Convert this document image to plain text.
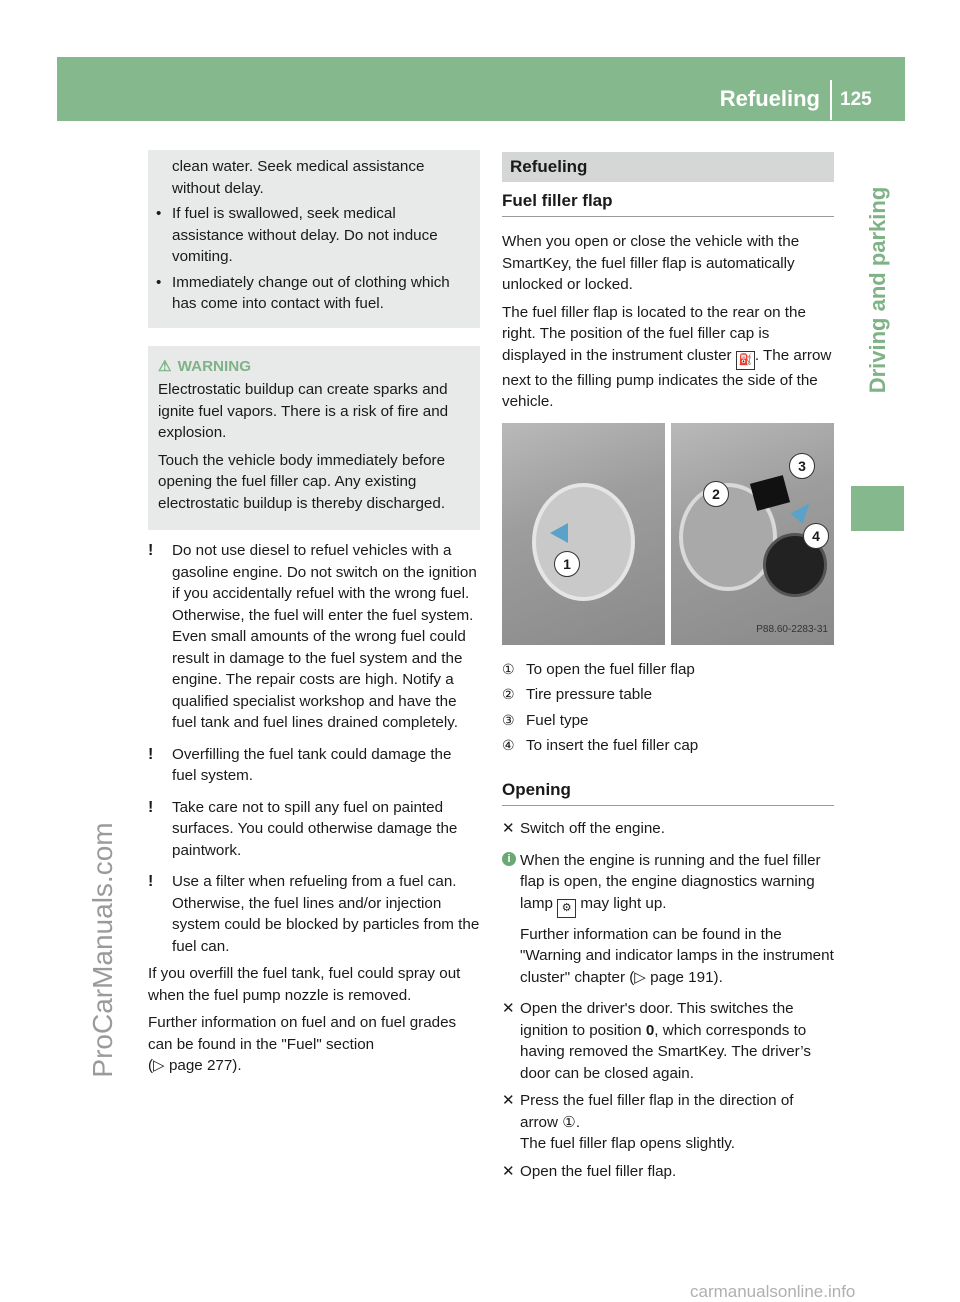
Refueling 125
Driving and parking
ProCarManuals.com
carmanualsonline.info
clean water. Seek medical assistance without delay.
• If fuel is swallowed, seek medical assistance without delay. Do not induce vomiting.
• Immediately change out of clothing which has come into contact with fuel.
⚠ WARNING

Electrostatic buildup can create sparks and ignite fuel vapors. There is a risk of fire and explosion.

Touch the vehicle body immediately before opening the fuel filler cap. Any existing electrostatic buildup is thereby discharged.

! Do not use diesel to refuel vehicles with a gasoline engine. Do not switch on the ignition if you accidentally refuel with the wrong fuel. Otherwise, the fuel will enter the fuel system. Even small amounts of the wrong fuel could result in damage to the fuel system and the engine. The repair costs are high. Notify a qualified specialist workshop and have the fuel tank and fuel lines drained completely.
! Overfilling the fuel tank could damage the fuel system.
! Take care not to spill any fuel on painted surfaces. You could otherwise damage the paintwork.
! Use a filter when refueling from a fuel can. Otherwise, the fuel lines and/or injection system could be blocked by particles from the fuel can.

If you overfill the fuel tank, fuel could spray out when the fuel pump nozzle is removed.

Further information on fuel and on fuel grades can be found in the "Fuel" section
(▷ page 277).

Refueling
Fuel filler flap

When you open or close the vehicle with the SmartKey, the fuel filler flap is automatically unlocked or locked.

The fuel filler flap is located to the rear on the right. The position of the fuel filler cap is displayed in the instrument cluster ⛽ . The arrow next to the filling pump indicates the side of the vehicle.

1
2
3
4
P88.60-2283-31
① To open the fuel filler flap
② Tire pressure table
③ Fuel type
④ To insert the fuel filler cap
Opening
✕ Switch off the engine.
i When the engine is running and the fuel filler flap is open, the engine diagnostics warning lamp ⚙ may light up.

Further information can be found in the "Warning and indicator lamps in the instrument cluster" chapter (▷ page 191).

✕ Open the driver's door. This switches the ignition to position 0, which corresponds to having removed the SmartKey. The driver’s door can be closed again.
✕ Press the fuel filler flap in the direction of arrow ①.
The fuel filler flap opens slightly.
✕ Open the fuel filler flap.
